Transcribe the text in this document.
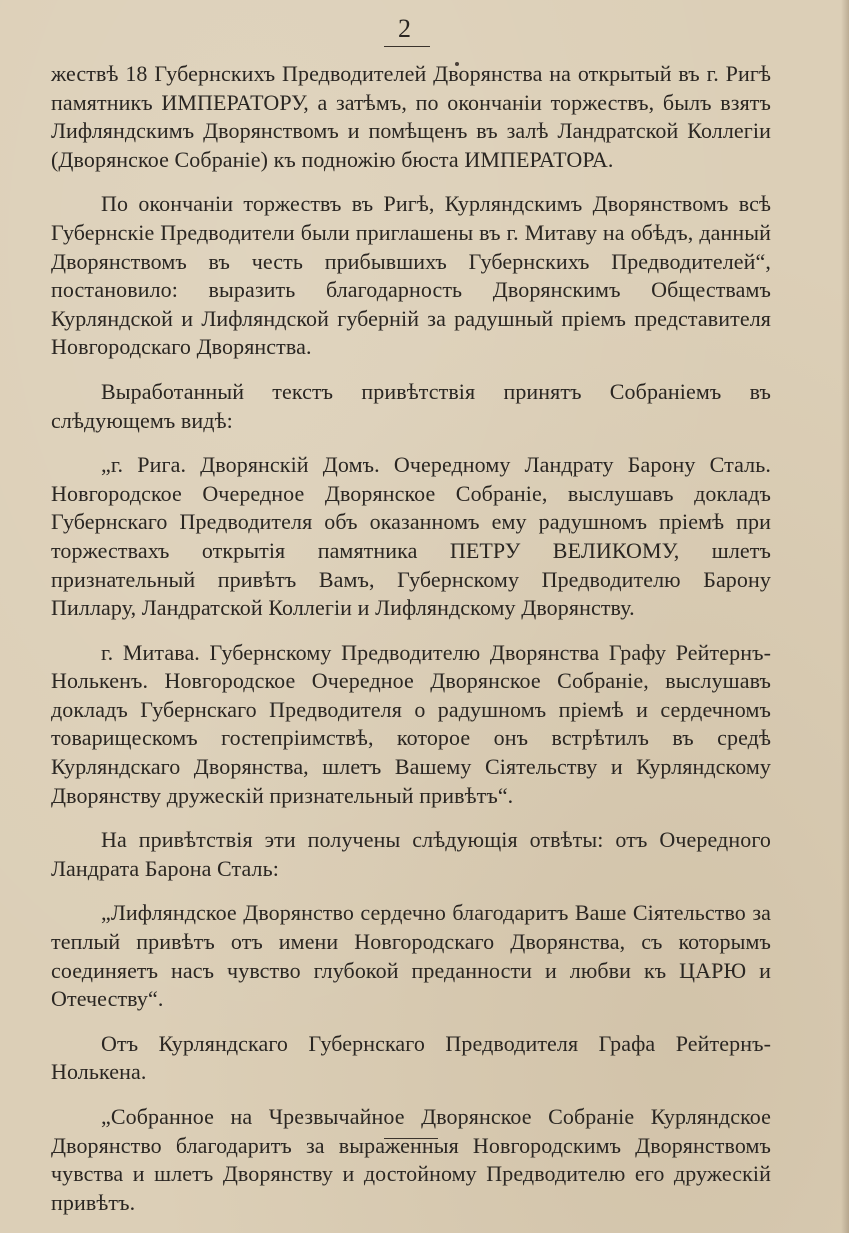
2

жествѣ 18 Губернскихъ Предводителей Дворянства на открытый въ г. Ригѣ памятникъ ИМПЕРАТОРУ, а затѣмъ, по окончаніи торжествъ, былъ взятъ Лифляндскимъ Дворянствомъ и помѣщенъ въ залѣ Ландратской Коллегіи (Дворянское Собраніе) къ подножію бюста ИМПЕРАТОРА.

По окончаніи торжествъ въ Ригѣ, Курляндскимъ Дворянствомъ всѣ Губернскіе Предводители были приглашены въ г. Митаву на обѣдъ, данный Дворянствомъ въ честь прибывшихъ Губернскихъ Предводителей“, постановило: выразить благодарность Дворянскимъ Обществамъ Курляндской и Лифляндской губерній за радушный пріемъ представителя Новгородскаго Дворянства.

Выработанный текстъ привѣтствія принятъ Собраніемъ въ слѣдующемъ видѣ:

„г. Рига. Дворянскій Домъ. Очередному Ландрату Барону Сталь. Новгородское Очередное Дворянское Собраніе, выслушавъ докладъ Губернскаго Предводителя объ оказанномъ ему радушномъ пріемѣ при торжествахъ открытія памятника ПЕТРУ ВЕЛИКОМУ, шлетъ признательный привѣтъ Вамъ, Губернскому Предводителю Барону Пиллару, Ландратской Коллегіи и Лифляндскому Дворянству.

г. Митава. Губернскому Предводителю Дворянства Графу Рейтернъ-Нолькенъ. Новгородское Очередное Дворянское Собраніе, выслушавъ докладъ Губернскаго Предводителя о радушномъ пріемѣ и сердечномъ товарищескомъ гостепріимствѣ, которое онъ встрѣтилъ въ средѣ Курляндскаго Дворянства, шлетъ Вашему Сіятельству и Курляндскому Дворянству дружескій признательный привѣтъ“.

На привѣтствія эти получены слѣдующія отвѣты: отъ Очередного Ландрата Барона Сталь:

„Лифляндское Дворянство сердечно благодаритъ Ваше Сіятельство за теплый привѣтъ отъ имени Новгородскаго Дворянства, съ которымъ соединяетъ насъ чувство глубокой преданности и любви къ ЦАРЮ и Отечеству“.

Отъ Курляндскаго Губернскаго Предводителя Графа Рейтернъ-Нолькена.

„Собранное на Чрезвычайное Дворянское Собраніе Курляндское Дворянство благодаритъ за выраженныя Новгородскимъ Дворянствомъ чувства и шлетъ Дворянству и достойному Предводителю его дружескій привѣтъ.
